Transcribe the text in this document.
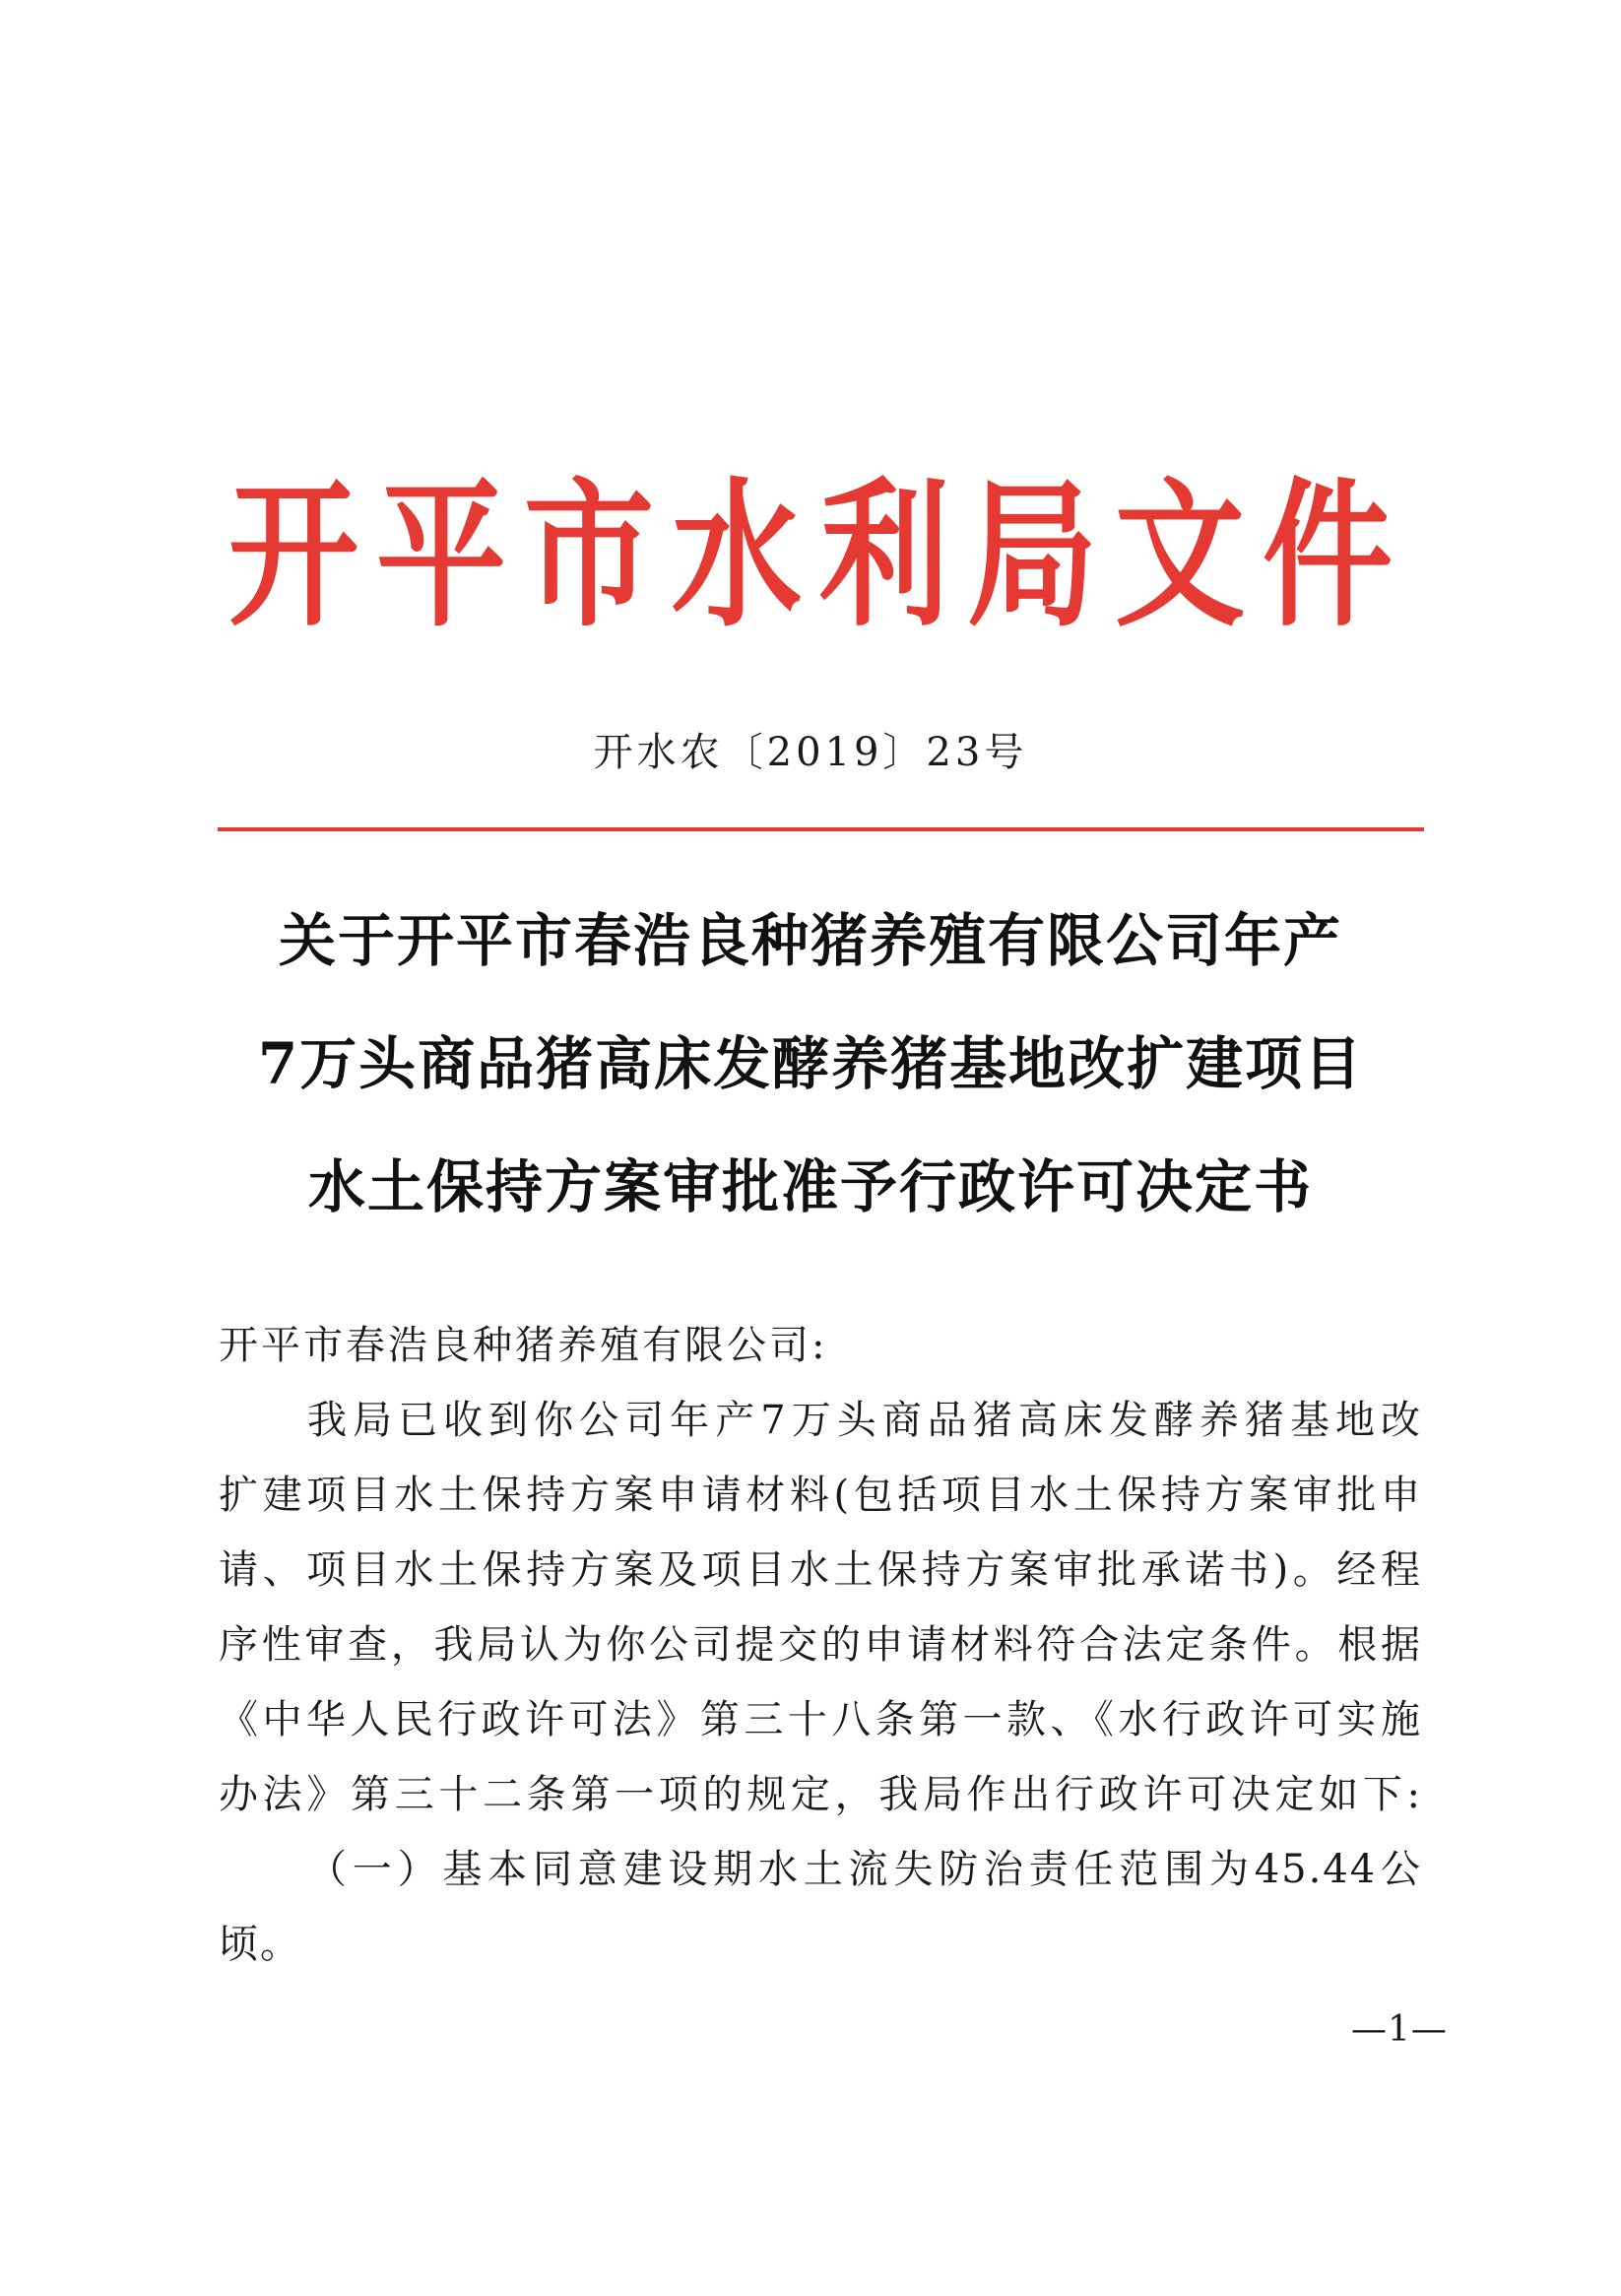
开 平 市 水 利 局 文 件
开水农〔2019〕23号
关于开平市春浩良种猪养殖有限公司年产
7万头商品猪高床发酵养猪基地改扩建项目
水土保持方案审批准予行政许可决定书
开平市春浩良种猪养殖有限公司:
我局已收到你公司年产7万头商品猪高床发酵养猪基地改
扩建项目水土保持方案申请材料(包括项目水土保持方案审批申
请、项目水土保持方案及项目水土保持方案审批承诺书)。经程
序性审查，我局认为你公司提交的申请材料符合法定条件。根据
《中华人民行政许可法》第三十八条第一款、《水行政许可实施
办法》第三十二条第一项的规定，我局作出行政许可决定如下:
（一）基本同意建设期水土流失防治责任范围为45.44公
顷。
—1—
